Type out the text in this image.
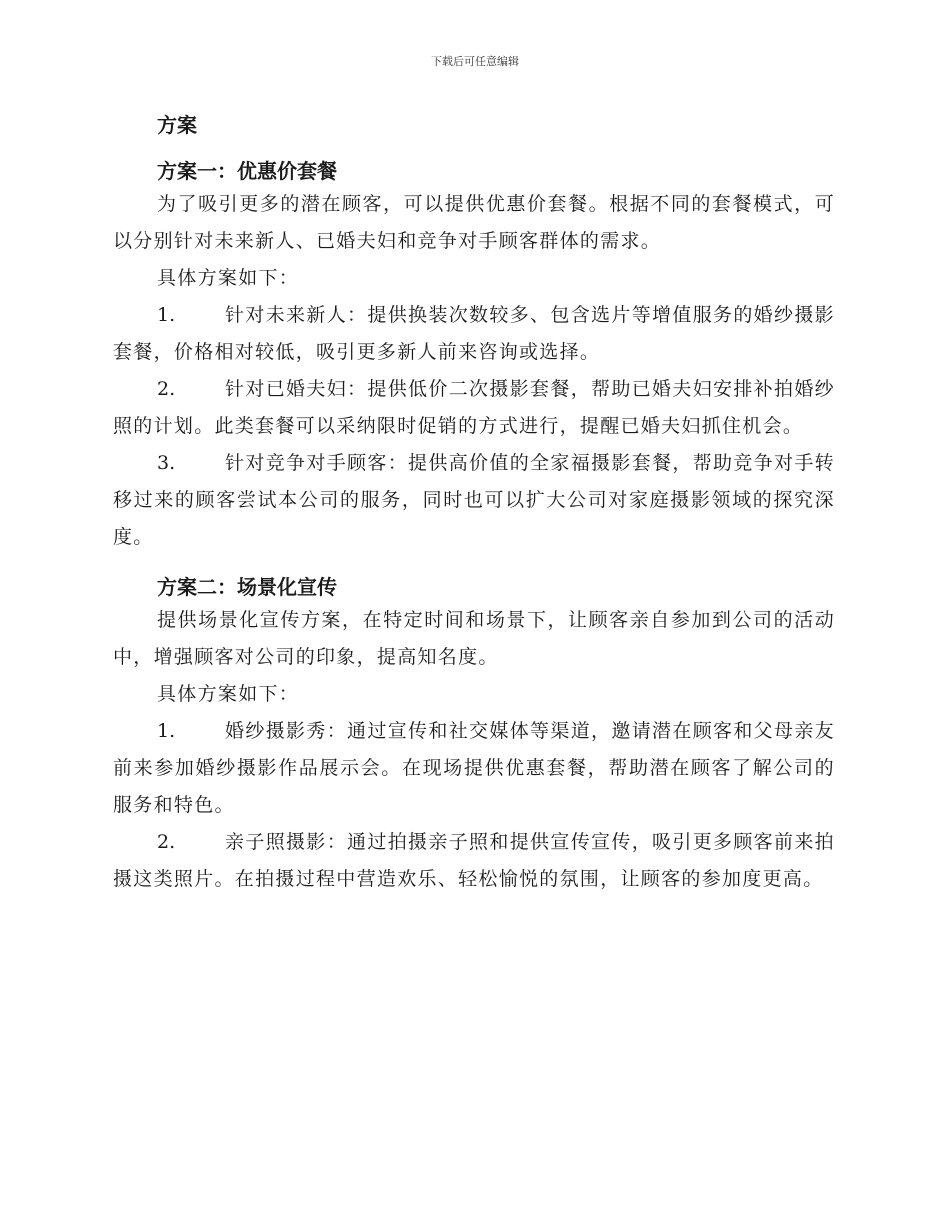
下载后可任意编辑
方案
方案一：优惠价套餐

为了吸引更多的潜在顾客，可以提供优惠价套餐。根据不同的套餐模式，可以分别针对未来新人、已婚夫妇和竞争对手顾客群体的需求。

具体方案如下：

1.	针对未来新人：提供换装次数较多、包含选片等增值服务的婚纱摄影套餐，价格相对较低，吸引更多新人前来咨询或选择。

2.	针对已婚夫妇：提供低价二次摄影套餐，帮助已婚夫妇安排补拍婚纱照的计划。此类套餐可以采纳限时促销的方式进行，提醒已婚夫妇抓住机会。

3.	针对竞争对手顾客：提供高价值的全家福摄影套餐，帮助竞争对手转移过来的顾客尝试本公司的服务，同时也可以扩大公司对家庭摄影领域的探究深度。

方案二：场景化宣传

提供场景化宣传方案，在特定时间和场景下，让顾客亲自参加到公司的活动中，增强顾客对公司的印象，提高知名度。

具体方案如下：

1.	婚纱摄影秀：通过宣传和社交媒体等渠道，邀请潜在顾客和父母亲友前来参加婚纱摄影作品展示会。在现场提供优惠套餐，帮助潜在顾客了解公司的服务和特色。

2.	亲子照摄影：通过拍摄亲子照和提供宣传宣传，吸引更多顾客前来拍摄这类照片。在拍摄过程中营造欢乐、轻松愉悦的氛围，让顾客的参加度更高。
